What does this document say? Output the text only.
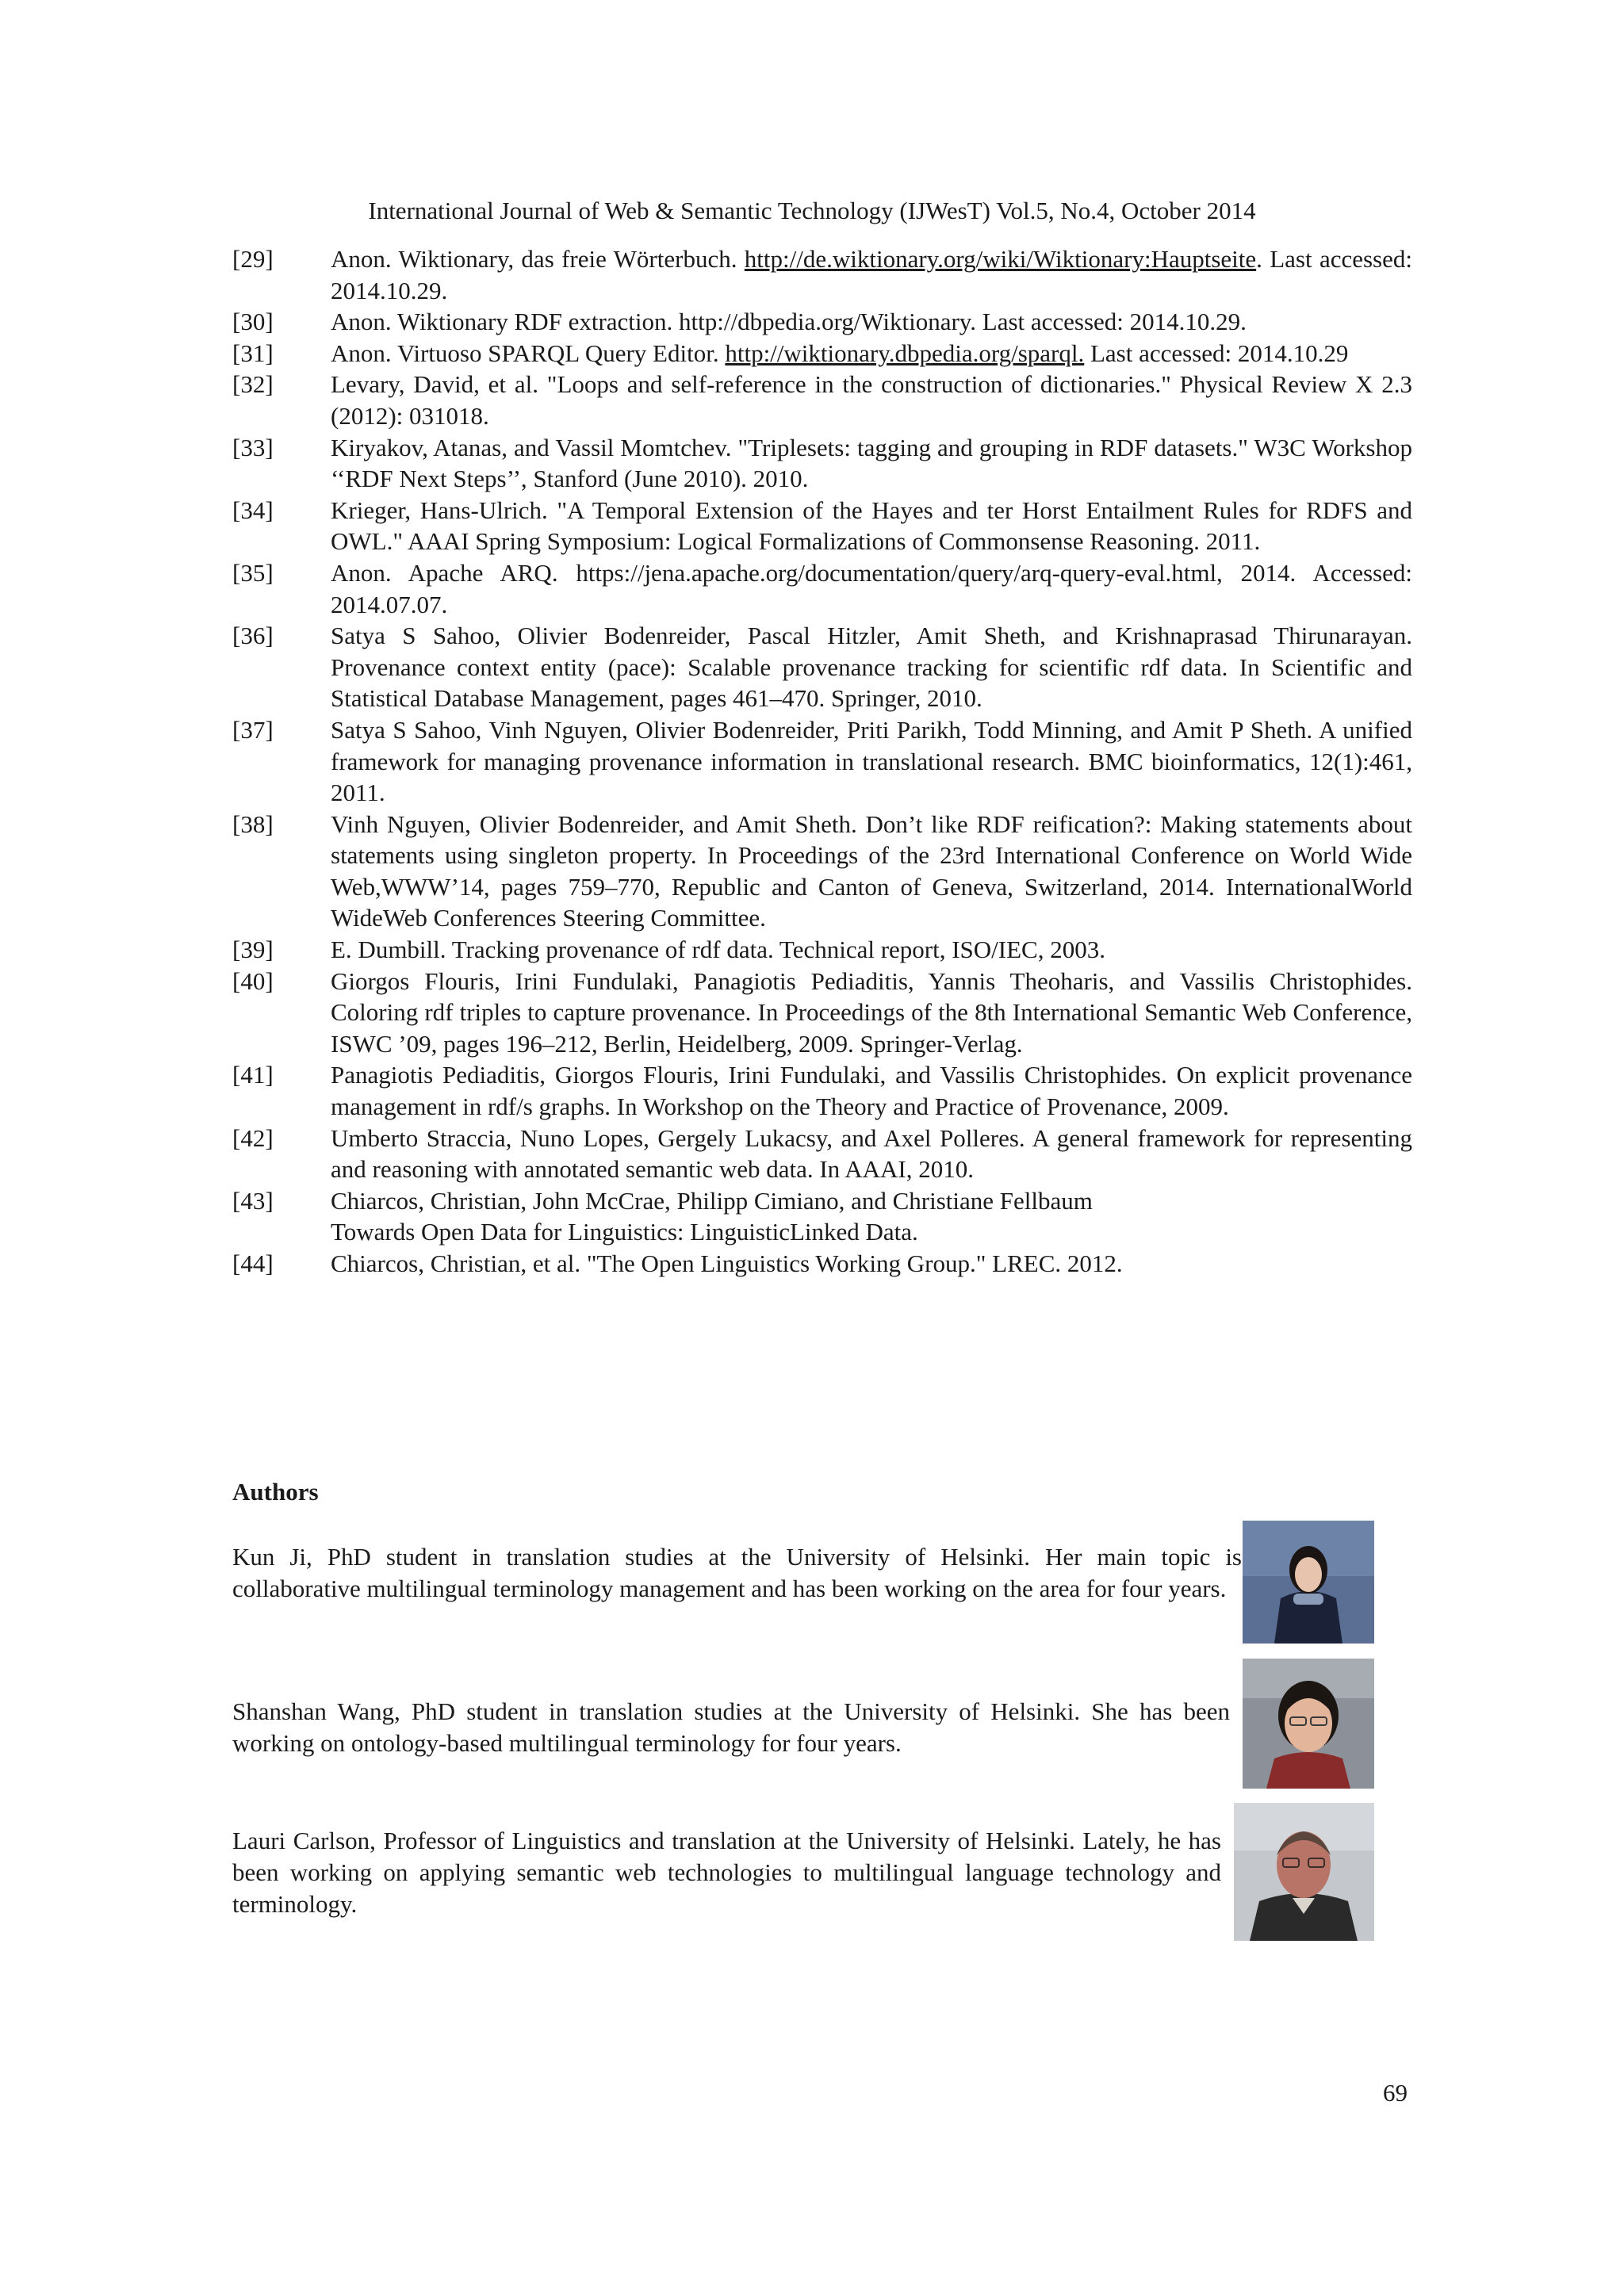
International Journal of Web & Semantic Technology (IJWesT) Vol.5, No.4, October 2014
[29]	Anon. Wiktionary, das freie Wörterbuch. http://de.wiktionary.org/wiki/Wiktionary:Hauptseite. Last accessed: 2014.10.29.
[30]	Anon. Wiktionary RDF extraction. http://dbpedia.org/Wiktionary. Last accessed: 2014.10.29.
[31]	Anon. Virtuoso SPARQL Query Editor. http://wiktionary.dbpedia.org/sparql. Last accessed: 2014.10.29
[32]	Levary, David, et al. "Loops and self-reference in the construction of dictionaries." Physical Review X 2.3 (2012): 031018.
[33]	Kiryakov, Atanas, and Vassil Momtchev. "Triplesets: tagging and grouping in RDF datasets." W3C Workshop ‘‘RDF Next Steps’’, Stanford (June 2010). 2010.
[34]	Krieger, Hans-Ulrich. "A Temporal Extension of the Hayes and ter Horst Entailment Rules for RDFS and OWL." AAAI Spring Symposium: Logical Formalizations of Commonsense Reasoning. 2011.
[35]	Anon. Apache ARQ. https://jena.apache.org/documentation/query/arq-query-eval.html, 2014. Accessed: 2014.07.07.
[36]	Satya S Sahoo, Olivier Bodenreider, Pascal Hitzler, Amit Sheth, and Krishnaprasad Thirunarayan. Provenance context entity (pace): Scalable provenance tracking for scientific rdf data. In Scientific and Statistical Database Management, pages 461–470. Springer, 2010.
[37]	Satya S Sahoo, Vinh Nguyen, Olivier Bodenreider, Priti Parikh, Todd Minning, and Amit P Sheth. A unified framework for managing provenance information in translational research. BMC bioinformatics, 12(1):461, 2011.
[38]	Vinh Nguyen, Olivier Bodenreider, and Amit Sheth. Don’t like RDF reification?: Making statements about statements using singleton property. In Proceedings of the 23rd International Conference on World Wide Web,WWW’14, pages 759–770, Republic and Canton of Geneva, Switzerland, 2014. InternationalWorld WideWeb Conferences Steering Committee.
[39]	E. Dumbill. Tracking provenance of rdf data. Technical report, ISO/IEC, 2003.
[40]	Giorgos Flouris, Irini Fundulaki, Panagiotis Pediaditis, Yannis Theoharis, and Vassilis Christophides. Coloring rdf triples to capture provenance. In Proceedings of the 8th International Semantic Web Conference, ISWC ’09, pages 196–212, Berlin, Heidelberg, 2009. Springer-Verlag.
[41]	Panagiotis Pediaditis, Giorgos Flouris, Irini Fundulaki, and Vassilis Christophides. On explicit provenance management in rdf/s graphs. In Workshop on the Theory and Practice of Provenance, 2009.
[42]	Umberto Straccia, Nuno Lopes, Gergely Lukacsy, and Axel Polleres. A general framework for representing and reasoning with annotated semantic web data. In AAAI, 2010.
[43]	Chiarcos, Christian, John McCrae, Philipp Cimiano, and Christiane Fellbaum
Towards Open Data for Linguistics: LinguisticLinked Data.
[44]	Chiarcos, Christian, et al. "The Open Linguistics Working Group." LREC. 2012.
Authors
Kun Ji, PhD student in translation studies at the University of Helsinki. Her main topic is collaborative multilingual terminology management and has been working on the area for four years.
Shanshan Wang, PhD student in translation studies at the University of Helsinki. She has been working on ontology-based multilingual terminology for four years.
Lauri Carlson, Professor of Linguistics and translation at the University of Helsinki. Lately, he has been working on applying semantic web technologies to multilingual language technology and terminology.
69
